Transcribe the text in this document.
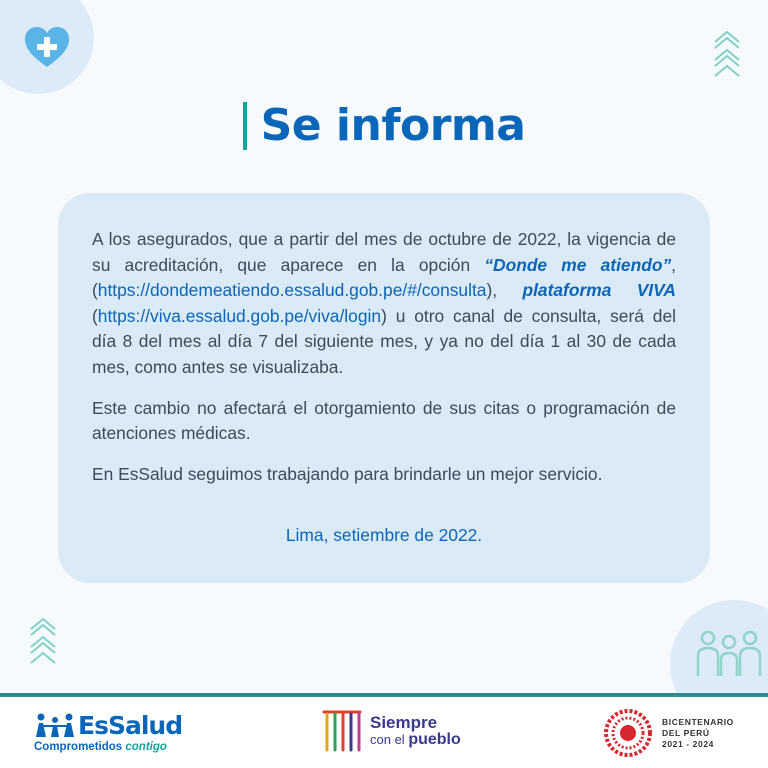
Se informa

A los asegurados, que a partir del mes de octubre de 2022, la vigencia de su acreditación, que aparece en la opción “Donde me atiendo”, (https://dondemeatiendo.essalud.gob.pe/#/consulta), plataforma VIVA (https://viva.essalud.gob.pe/viva/login) u otro canal de consulta, será del día 8 del mes al día 7 del siguiente mes, y ya no del día 1 al 30 de cada mes, como antes se visualizaba.

Este cambio no afectará el otorgamiento de sus citas o programación de atenciones médicas.

En EsSalud seguimos trabajando para brindarle un mejor servicio.

Lima, setiembre de 2022.

EsSalud
Comprometidos contigo
Siempre
con el pueblo
BICENTENARIO
DEL PERÚ
2021 - 2024
